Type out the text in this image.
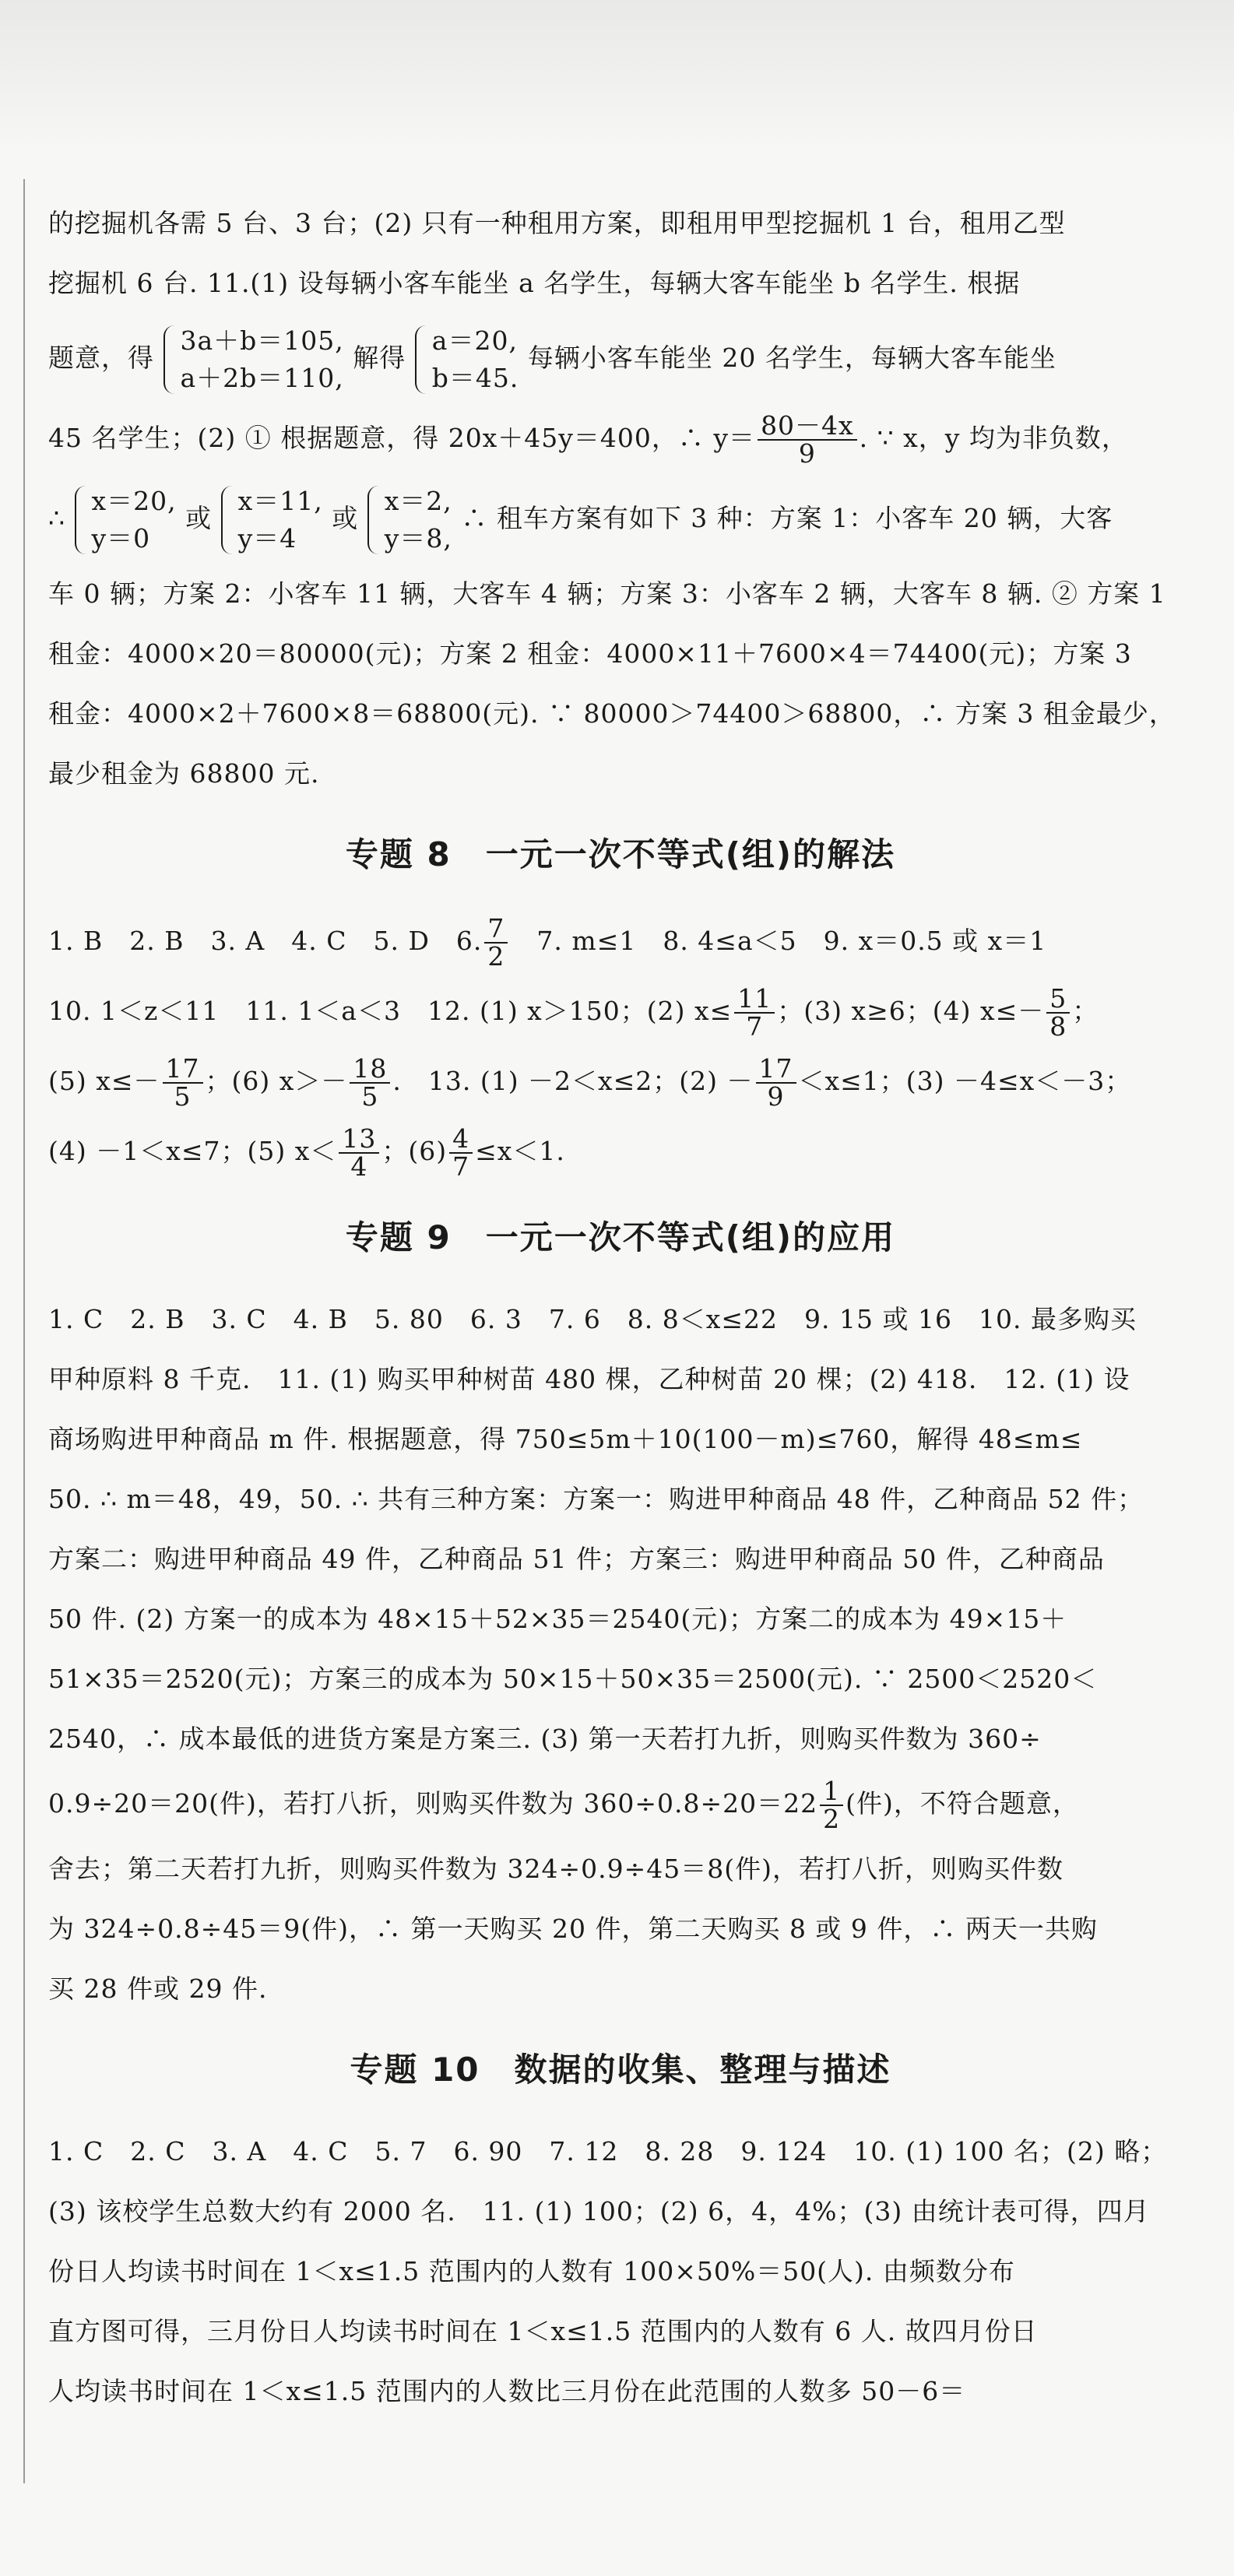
的挖掘机各需 5 台、3 台；(2) 只有一种租用方案，即租用甲型挖掘机 1 台，租用乙型
挖掘机 6 台. 11.(1) 设每辆小客车能坐 a 名学生，每辆大客车能坐 b 名学生. 根据
题意，得
3a＋b＝105,
a＋2b＝110,
解得
a＝20,
b＝45.
每辆小客车能坐 20 名学生，每辆大客车能坐
45 名学生；(2) ① 根据题意，得 20x＋45y＝400，∴ $y= \frac{80-4x}{9}$ . ∵ x，y 均为非负数，
∴
x＝20,
y＝0
或
x＝11,
y＝4
或
x＝2,
y＝8,
∴ 租车方案有如下 3 种：方案 1：小客车 20 辆，大客
车 0 辆；方案 2：小客车 11 辆，大客车 4 辆；方案 3：小客车 2 辆，大客车 8 辆. ② 方案 1
租金：4000×20＝80000(元)；方案 2 租金：4000×11＋7600×4＝74400(元)；方案 3
租金：4000×2＋7600×8＝68800(元). ∵ 80000＞74400＞68800，∴ 方案 3 租金最少，
最少租金为 68800 元.
专题 8　一元一次不等式(组)的解法
1. B　2. B　3. A　4. C　5. D　6. $\frac{7}{2}$ 　7. m≤1　8. 4≤a＜5　9. x＝0.5 或 x＝1
10. 1＜z＜11　11. 1＜a＜3　12. (1) x＞150；(2) $x\le \frac{11}{7}$ ；(3) x≥6；(4) $x\le- \frac{5}{8}$ ；
(5) $x\le- \frac{17}{5}$ ；(6) $x>- \frac{18}{5}$ .　13. (1) －2＜x≤2；$(2) - \frac{17}{9} <x\le 1$；(3) －4≤x＜－3；
(4) －1＜x≤7；(5) $x< \frac{13}{4}$ ；$(6) \frac{4}{7} \le x<1$.
专题 9　一元一次不等式(组)的应用
1. C　2. B　3. C　4. B　5. 80　6. 3　7. 6　8. 8＜x≤22　9. 15 或 16　10. 最多购买
甲种原料 8 千克.　11. (1) 购买甲种树苗 480 棵，乙种树苗 20 棵；(2) 418.　12. (1) 设
商场购进甲种商品 m 件. 根据题意，得 750≤5m＋10(100－m)≤760，解得 48≤m≤
50. ∴ m＝48，49，50. ∴ 共有三种方案：方案一：购进甲种商品 48 件，乙种商品 52 件；
方案二：购进甲种商品 49 件，乙种商品 51 件；方案三：购进甲种商品 50 件，乙种商品
50 件. (2) 方案一的成本为 48×15＋52×35＝2540(元)；方案二的成本为 49×15＋
51×35＝2520(元)；方案三的成本为 50×15＋50×35＝2500(元). ∵ 2500＜2520＜
2540，∴ 成本最低的进货方案是方案三. (3) 第一天若打九折，则购买件数为 360÷
0.9÷20＝20(件)，若打八折，则购买件数为 $360\div 0.8\div 20=22 \frac{1}{2}$ (件)，不符合题意，
舍去；第二天若打九折，则购买件数为 324÷0.9÷45＝8(件)，若打八折，则购买件数
为 324÷0.8÷45＝9(件)，∴ 第一天购买 20 件，第二天购买 8 或 9 件，∴ 两天一共购
买 28 件或 29 件.
专题 10　数据的收集、整理与描述
1. C　2. C　3. A　4. C　5. 7　6. 90　7. 12　8. 28　9. 124　10. (1) 100 名；(2) 略；
(3) 该校学生总数大约有 2000 名.　11. (1) 100；(2) 6，4，4%；(3) 由统计表可得，四月
份日人均读书时间在 1＜x≤1.5 范围内的人数有 100×50%＝50(人). 由频数分布
直方图可得，三月份日人均读书时间在 1＜x≤1.5 范围内的人数有 6 人. 故四月份日
人均读书时间在 1＜x≤1.5 范围内的人数比三月份在此范围的人数多 50－6＝
